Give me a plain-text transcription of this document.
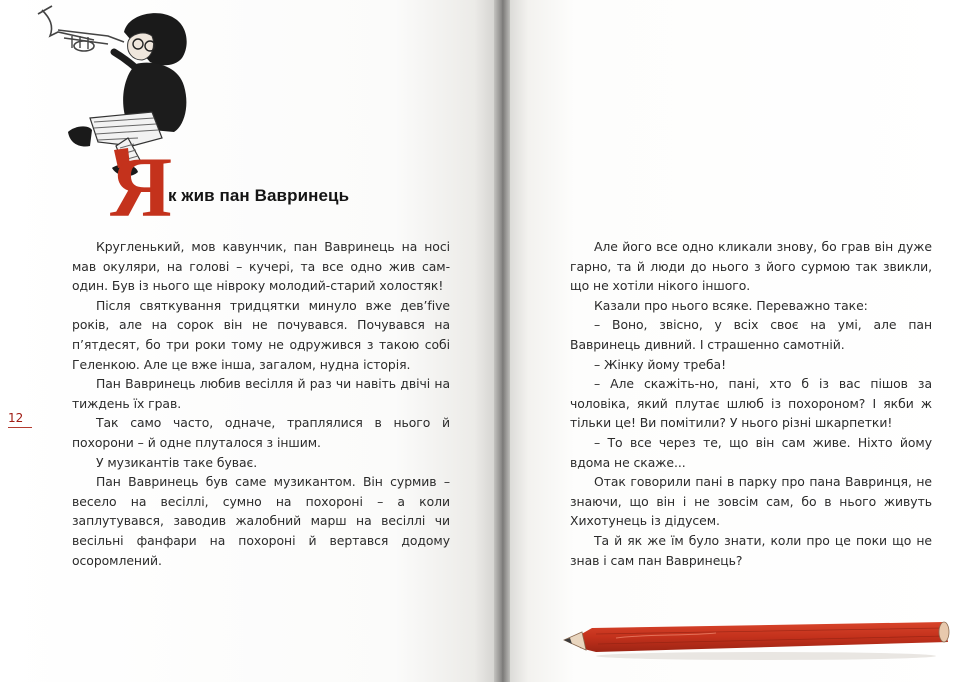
Я
к жив пан Вавринець

Кругленький, мов кавунчик, пан Вавринець на носі мав окуляри, на голові – кучері, та все одно жив сам-один. Був із нього ще нівроку молодий-старий холостяк!

Після святкування тридцятки минуло вже дев’five років, але на сорок він не почувався. Почувався на п’ятдесят, бо три роки тому не одружився з такою собі Геленкою. Але це вже інша, загалом, нудна історія.

Пан Вавринець любив весілля й раз чи навіть двічі на тиждень їх грав.

Так само часто, одначе, траплялися в нього й похорони – й одне плуталося з іншим.

У музикантів таке буває.

Пан Вавринець був саме музикантом. Він сурмив – весело на весіллі, сумно на похороні – а коли заплутувався, заводив жалобний марш на весіллі чи весільні фанфари на похороні й вертався додому осоромлений.

12

Але його все одно кликали знову, бо грав він дуже гарно, та й люди до нього з його сурмою так звикли, що не хотіли нікого іншого.

Казали про нього всяке. Переважно таке:

– Воно, звісно, у всіх своє на умі, але пан Вавринець дивний. І страшенно самотній.

– Жінку йому треба!

– Але скажіть-но, пані, хто б із вас пішов за чоловіка, який плутає шлюб із похороном? І якби ж тільки це! Ви помітили? У нього різні шкарпетки!

– То все через те, що він сам живе. Ніхто йому вдома не скаже...

Отак говорили пані в парку про пана Вавринця, не знаючи, що він і не зовсім сам, бо в нього живуть Хихотунець із дідусем.

Та й як же їм було знати, коли про це поки що не знав і сам пан Вавринець?
